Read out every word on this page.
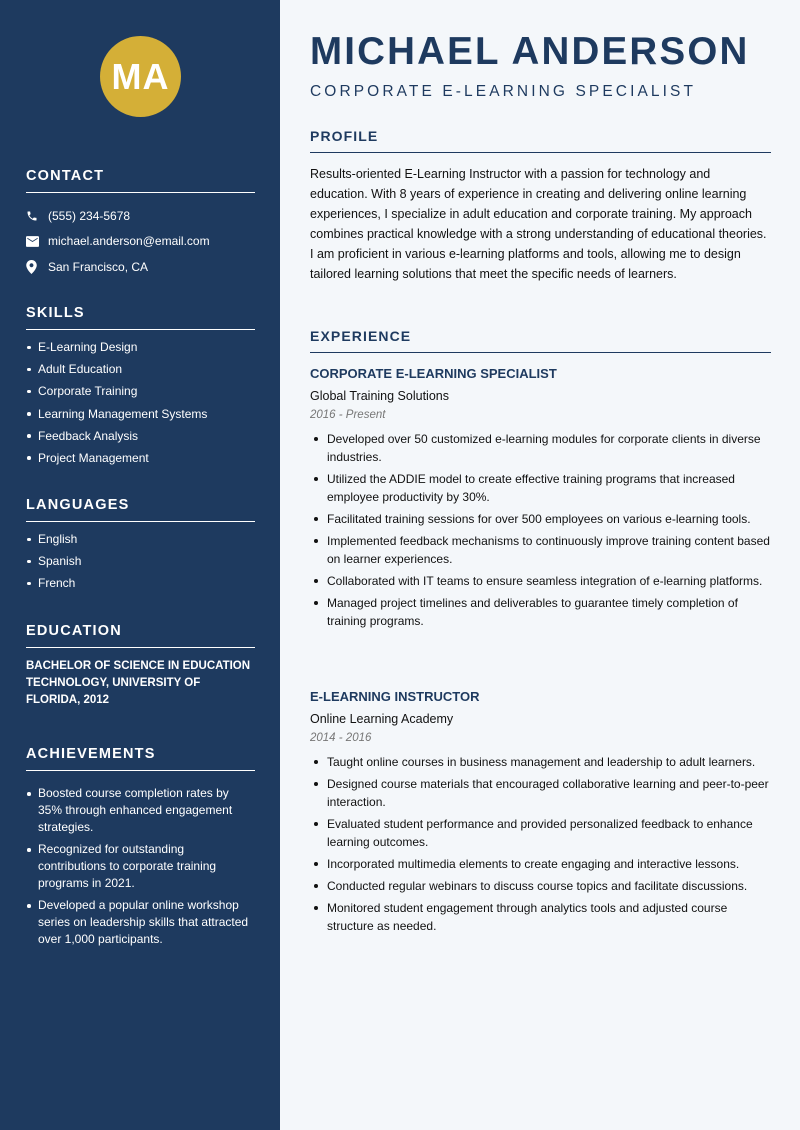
MA
CONTACT
(555) 234-5678
michael.anderson@email.com
San Francisco, CA
SKILLS
E-Learning Design
Adult Education
Corporate Training
Learning Management Systems
Feedback Analysis
Project Management
LANGUAGES
English
Spanish
French
EDUCATION
BACHELOR OF SCIENCE IN EDUCATION TECHNOLOGY, UNIVERSITY OF FLORIDA, 2012
ACHIEVEMENTS
Boosted course completion rates by 35% through enhanced engagement strategies.
Recognized for outstanding contributions to corporate training programs in 2021.
Developed a popular online workshop series on leadership skills that attracted over 1,000 participants.
MICHAEL ANDERSON
CORPORATE E-LEARNING SPECIALIST
PROFILE
Results-oriented E-Learning Instructor with a passion for technology and education. With 8 years of experience in creating and delivering online learning experiences, I specialize in adult education and corporate training. My approach combines practical knowledge with a strong understanding of educational theories. I am proficient in various e-learning platforms and tools, allowing me to design tailored learning solutions that meet the specific needs of learners.
EXPERIENCE
CORPORATE E-LEARNING SPECIALIST
Global Training Solutions
2016 - Present
Developed over 50 customized e-learning modules for corporate clients in diverse industries.
Utilized the ADDIE model to create effective training programs that increased employee productivity by 30%.
Facilitated training sessions for over 500 employees on various e-learning tools.
Implemented feedback mechanisms to continuously improve training content based on learner experiences.
Collaborated with IT teams to ensure seamless integration of e-learning platforms.
Managed project timelines and deliverables to guarantee timely completion of training programs.
E-LEARNING INSTRUCTOR
Online Learning Academy
2014 - 2016
Taught online courses in business management and leadership to adult learners.
Designed course materials that encouraged collaborative learning and peer-to-peer interaction.
Evaluated student performance and provided personalized feedback to enhance learning outcomes.
Incorporated multimedia elements to create engaging and interactive lessons.
Conducted regular webinars to discuss course topics and facilitate discussions.
Monitored student engagement through analytics tools and adjusted course structure as needed.
